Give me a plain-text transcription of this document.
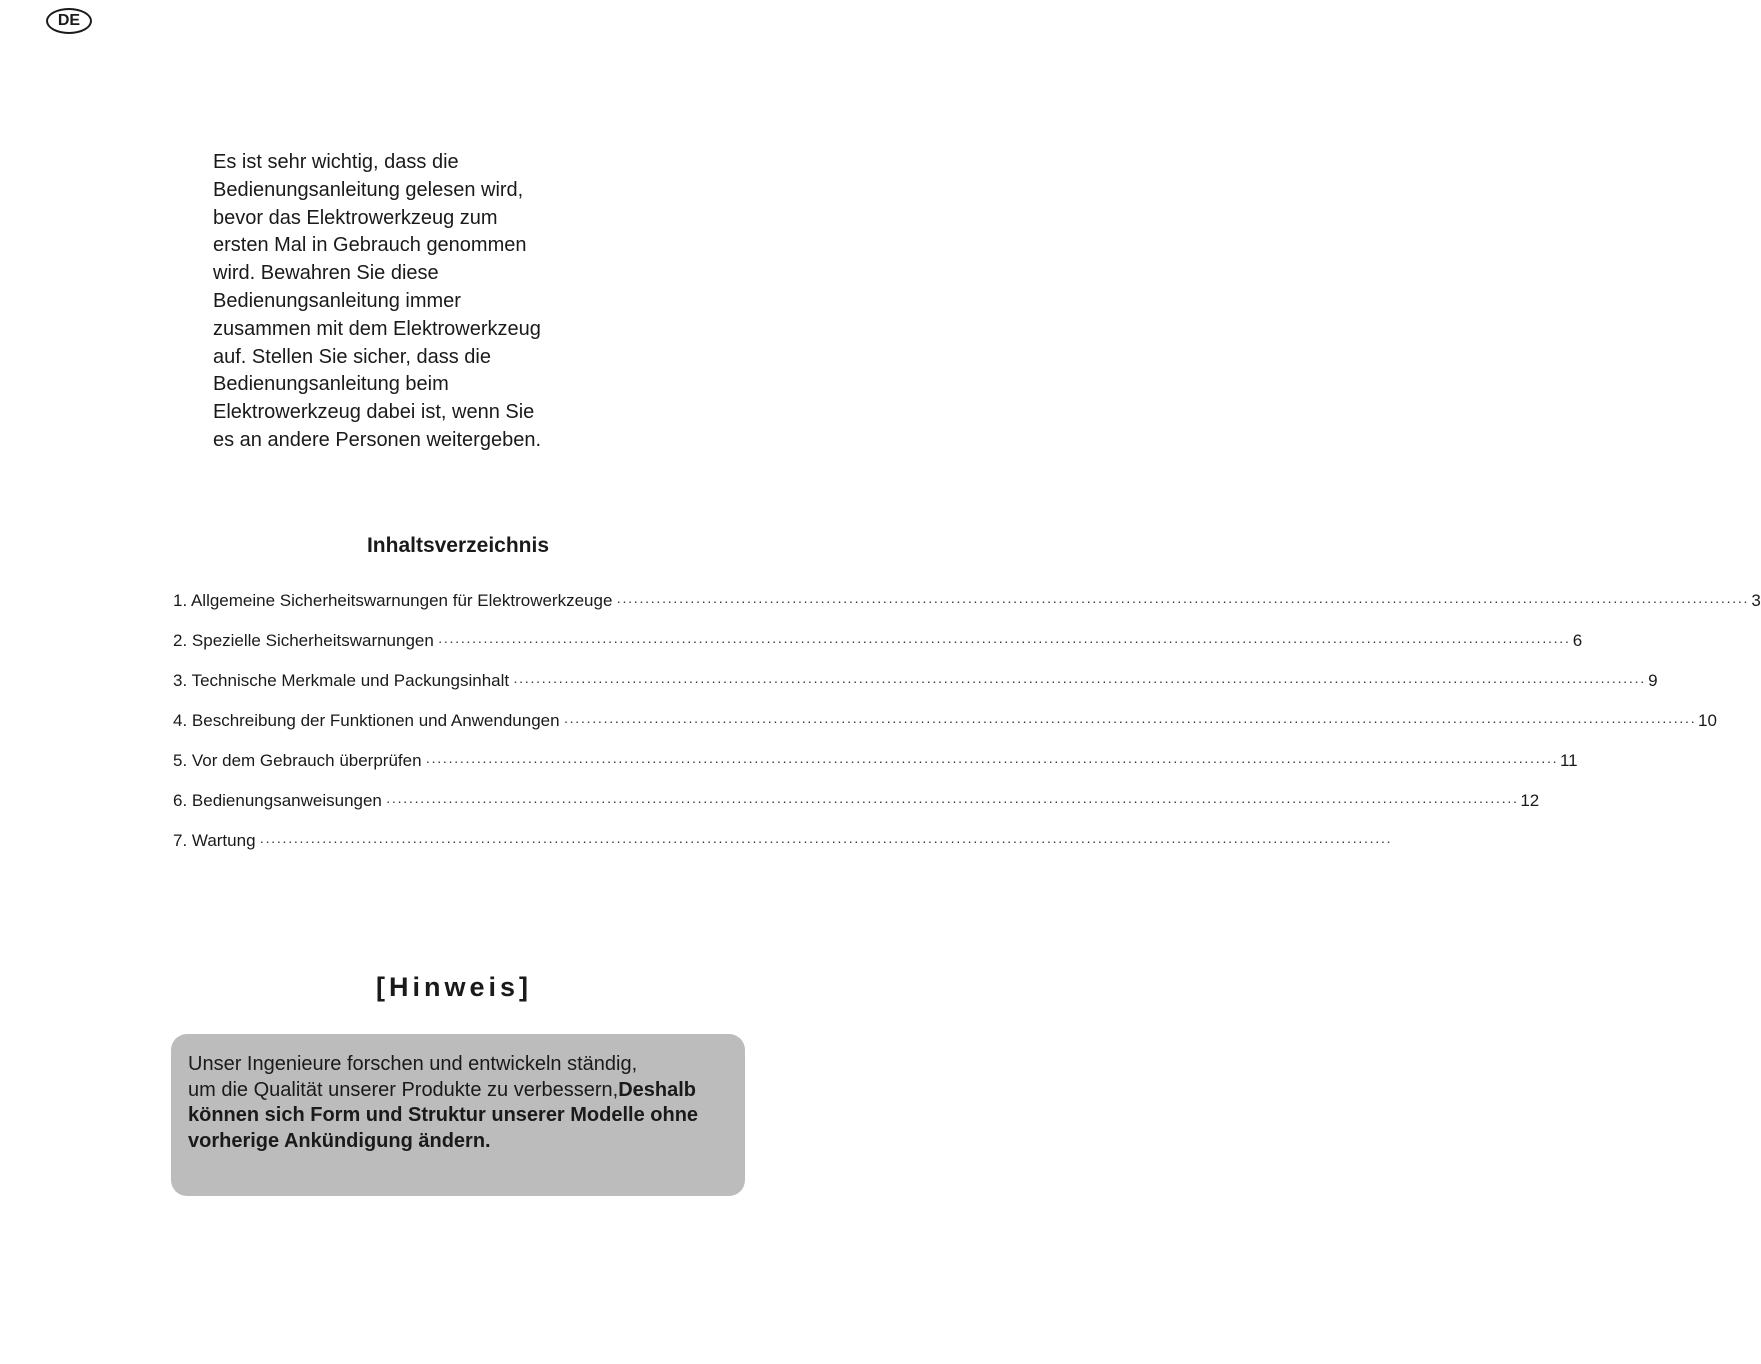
DE
Es ist sehr wichtig, dass die
Bedienungsanleitung gelesen wird,
bevor das Elektrowerkzeug zum
ersten Mal in Gebrauch genommen
wird. Bewahren Sie diese
Bedienungsanleitung immer
zusammen mit dem Elektrowerkzeug
auf. Stellen Sie sicher, dass die
Bedienungsanleitung beim
Elektrowerkzeug dabei ist, wenn Sie
es an andere Personen weitergeben.
Inhaltsverzeichnis
1. Allgemeine Sicherheitswarnungen für Elektrowerkzeuge ········································································································································································································ 3
2. Spezielle Sicherheitswarnungen ········································································································································································································ 6
3. Technische Merkmale und Packungsinhalt ········································································································································································································ 9
4. Beschreibung der Funktionen und Anwendungen ········································································································································································································ 10
5. Vor dem Gebrauch überprüfen ········································································································································································································ 11
6. Bedienungsanweisungen ········································································································································································································ 12
7. Wartung ········································································································································································································
[Hinweis]
Unser Ingenieure forschen und entwickeln ständig,
um die Qualität unserer Produkte zu verbessern,Deshalb
können sich Form und Struktur unserer Modelle ohne
vorherige Ankündigung ändern.
